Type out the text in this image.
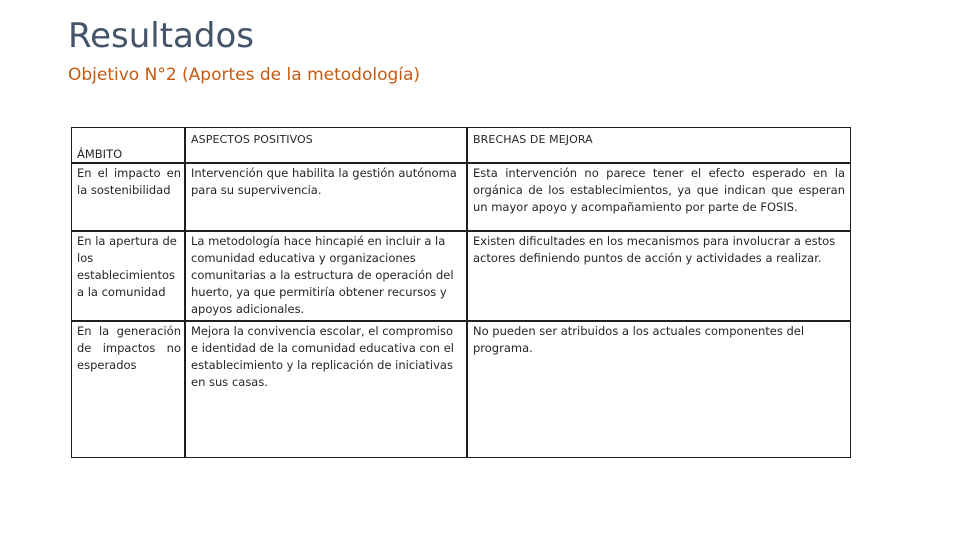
Resultados
Objetivo N°2 (Aportes de la metodología)
ÁMBITO
ASPECTOS POSITIVOS	BRECHAS DE MEJORA
En el impacto en la sostenibilidad
Intervención que habilita la gestión autónoma para su supervivencia.
Esta intervención no parece tener el efecto esperado en la orgánica de los establecimientos, ya que indican que esperan un mayor apoyo y acompañamiento por parte de FOSIS.
En la apertura de los establecimientos a la comunidad
La metodología hace hincapié en incluir a la comunidad educativa y organizaciones comunitarias a la estructura de operación del huerto, ya que permitiría obtener recursos y apoyos adicionales.
Existen dificultades en los mecanismos para involucrar a estos actores definiendo puntos de acción y actividades a realizar.
En la generación de impactos no esperados
Mejora la convivencia escolar, el compromiso e identidad de la comunidad educativa con el establecimiento y la replicación de iniciativas en sus casas.
No pueden ser atribuidos a los actuales componentes del programa.
